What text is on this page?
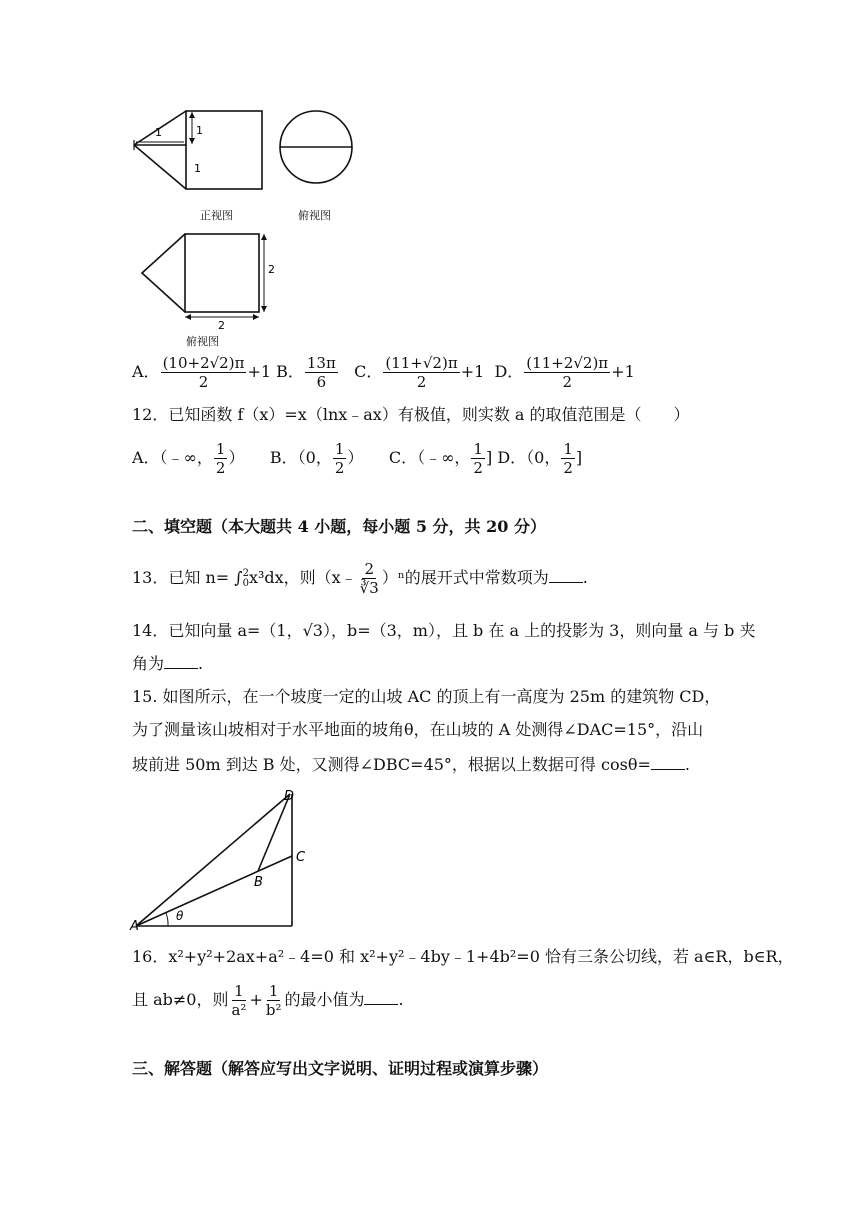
1	1
1
正视图	俯视图
2
2
俯视图
A． $\frac{(10+2√2)\pi}{2} +1$ B． $\frac{13\pi}{6}$ C． $\frac{(11+√2)\pi}{2} +1$ D． $\frac{(11+2√2)\pi}{2} +1$
12．已知函数 f（x）=x（lnx﹣ax）有极值，则实数 a 的取值范围是（　　）
A．（﹣∞， $\frac{1}{2}$ ） B．（0， $\frac{1}{2}$ ） C．（﹣∞， $\frac{1}{2}$ ] D．（0， $\frac{1}{2}$ ]
二、填空题（本大题共 4 小题，每小题 5 分，共 20 分）
13．已知 n= ∫ 2
0 x³dx，则（x﹣ $\frac{2}{∛3} )^n$的展开式中常数项为 .
14．已知向量 a=（1，√3），b=（3，m），且 b 在 a 上的投影为 3，则向量 a 与 b 夹
角为 .
15. 如图所示，在一个坡度一定的山坡 AC 的顶上有一高度为 25m 的建筑物 CD，
为了测量该山坡相对于水平地面的坡角θ，在山坡的 A 处测得∠DAC=15°，沿山
坡前进 50m 到达 B 处，又测得∠DBC=45°，根据以上数据可得 cosθ= .
D
C
B
A
θ
16．x²+y²+2ax+a²﹣4=0 和 x²+y²﹣4by﹣1+4b²=0 恰有三条公切线，若 a∈R，b∈R，
且 ab≠0，则 $\frac{1}{\text{a²}} + \frac{1}{\text{b²}}$ 的最小值为 .
三、解答题（解答应写出文字说明、证明过程或演算步骤）
